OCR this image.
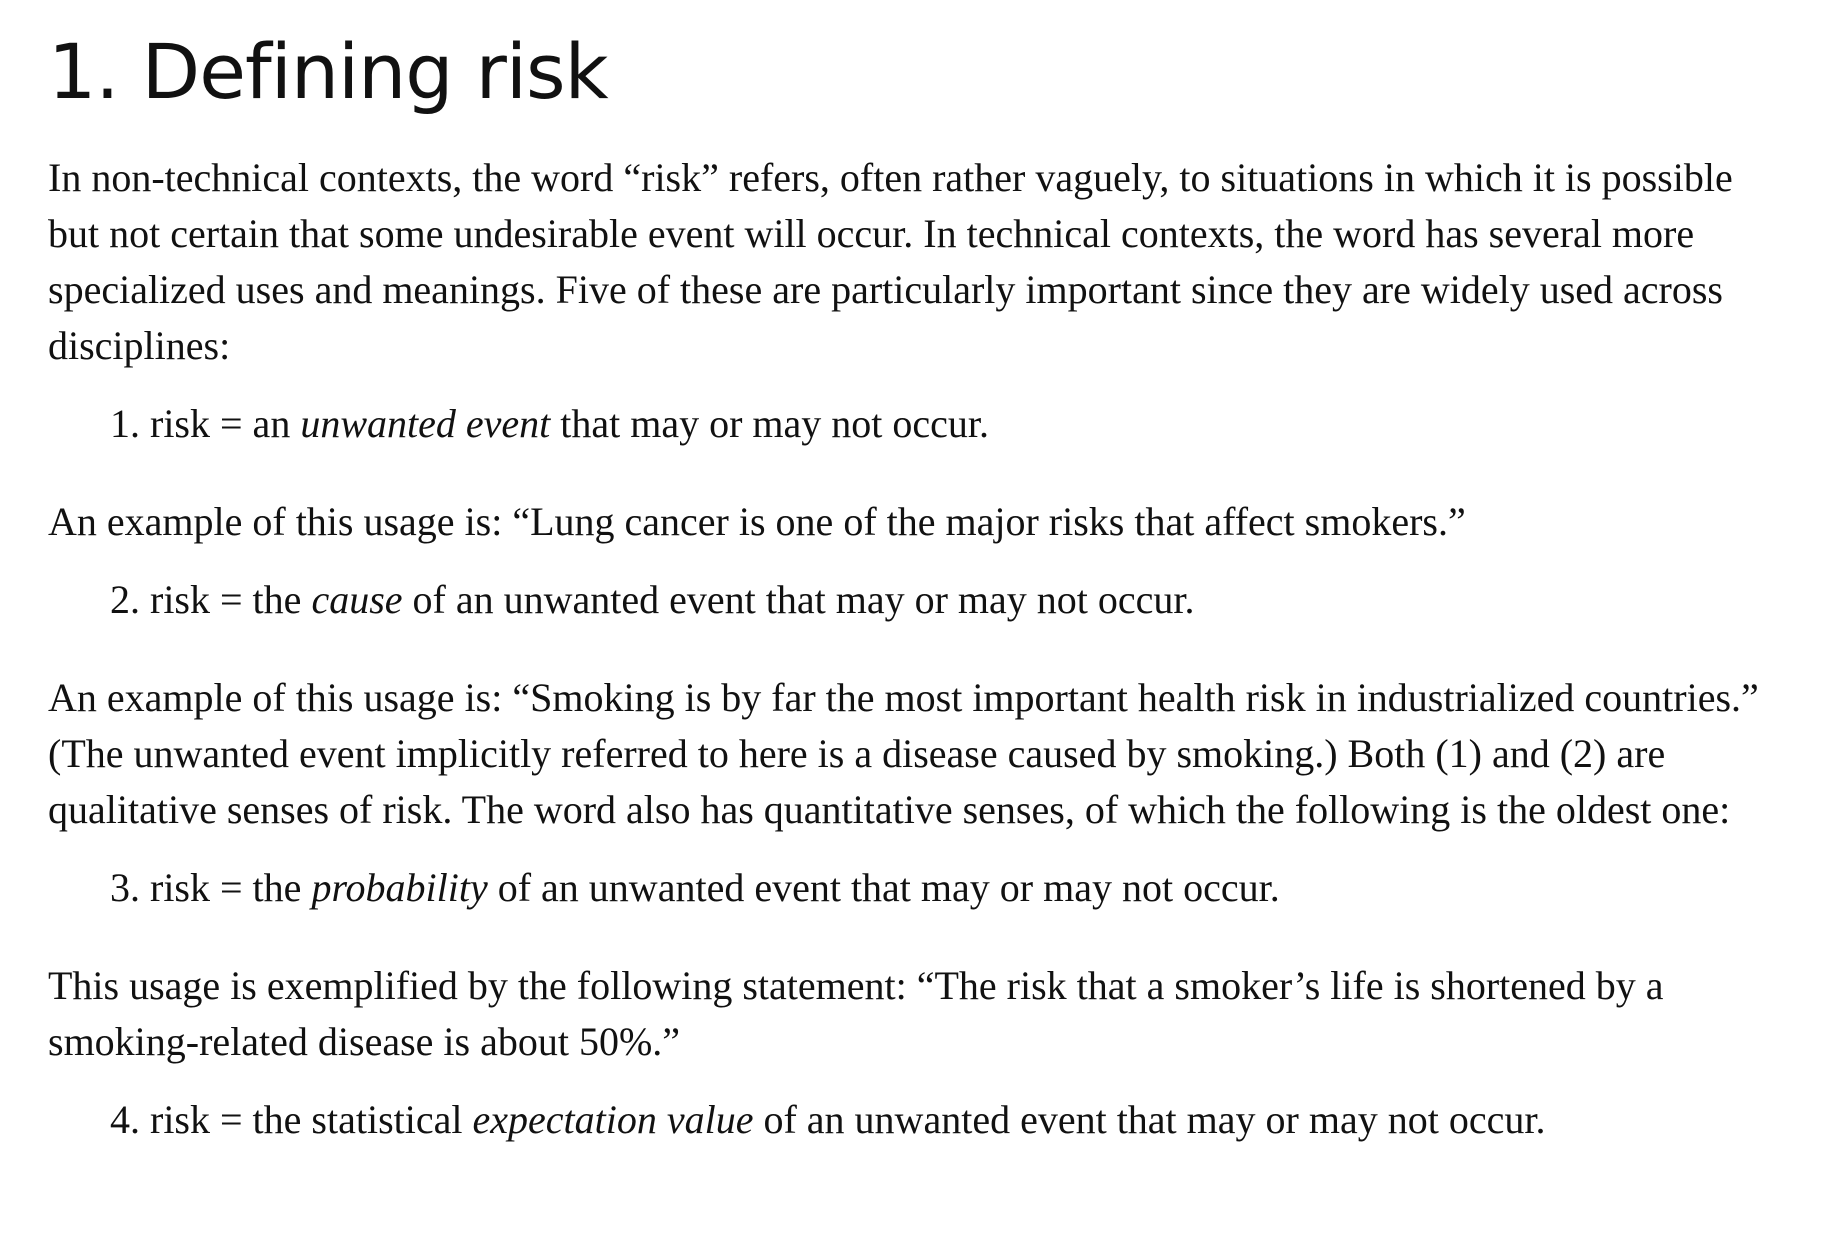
1. Defining risk

In non-technical contexts, the word “risk” refers, often rather vaguely, to situations in which it is possible but not certain that some undesirable event will occur. In technical contexts, the word has several more specialized uses and meanings. Five of these are particularly important since they are widely used across disciplines:

1. risk = an unwanted event that may or may not occur.

An example of this usage is: “Lung cancer is one of the major risks that affect smokers.”

2. risk = the cause of an unwanted event that may or may not occur.

An example of this usage is: “Smoking is by far the most important health risk in industrialized countries.” (The unwanted event implicitly referred to here is a disease caused by smoking.) Both (1) and (2) are qualitative senses of risk. The word also has quantitative senses, of which the following is the oldest one:

3. risk = the probability of an unwanted event that may or may not occur.

This usage is exemplified by the following statement: “The risk that a smoker’s life is shortened by a smoking-related disease is about 50%.”

4. risk = the statistical expectation value of an unwanted event that may or may not occur.
